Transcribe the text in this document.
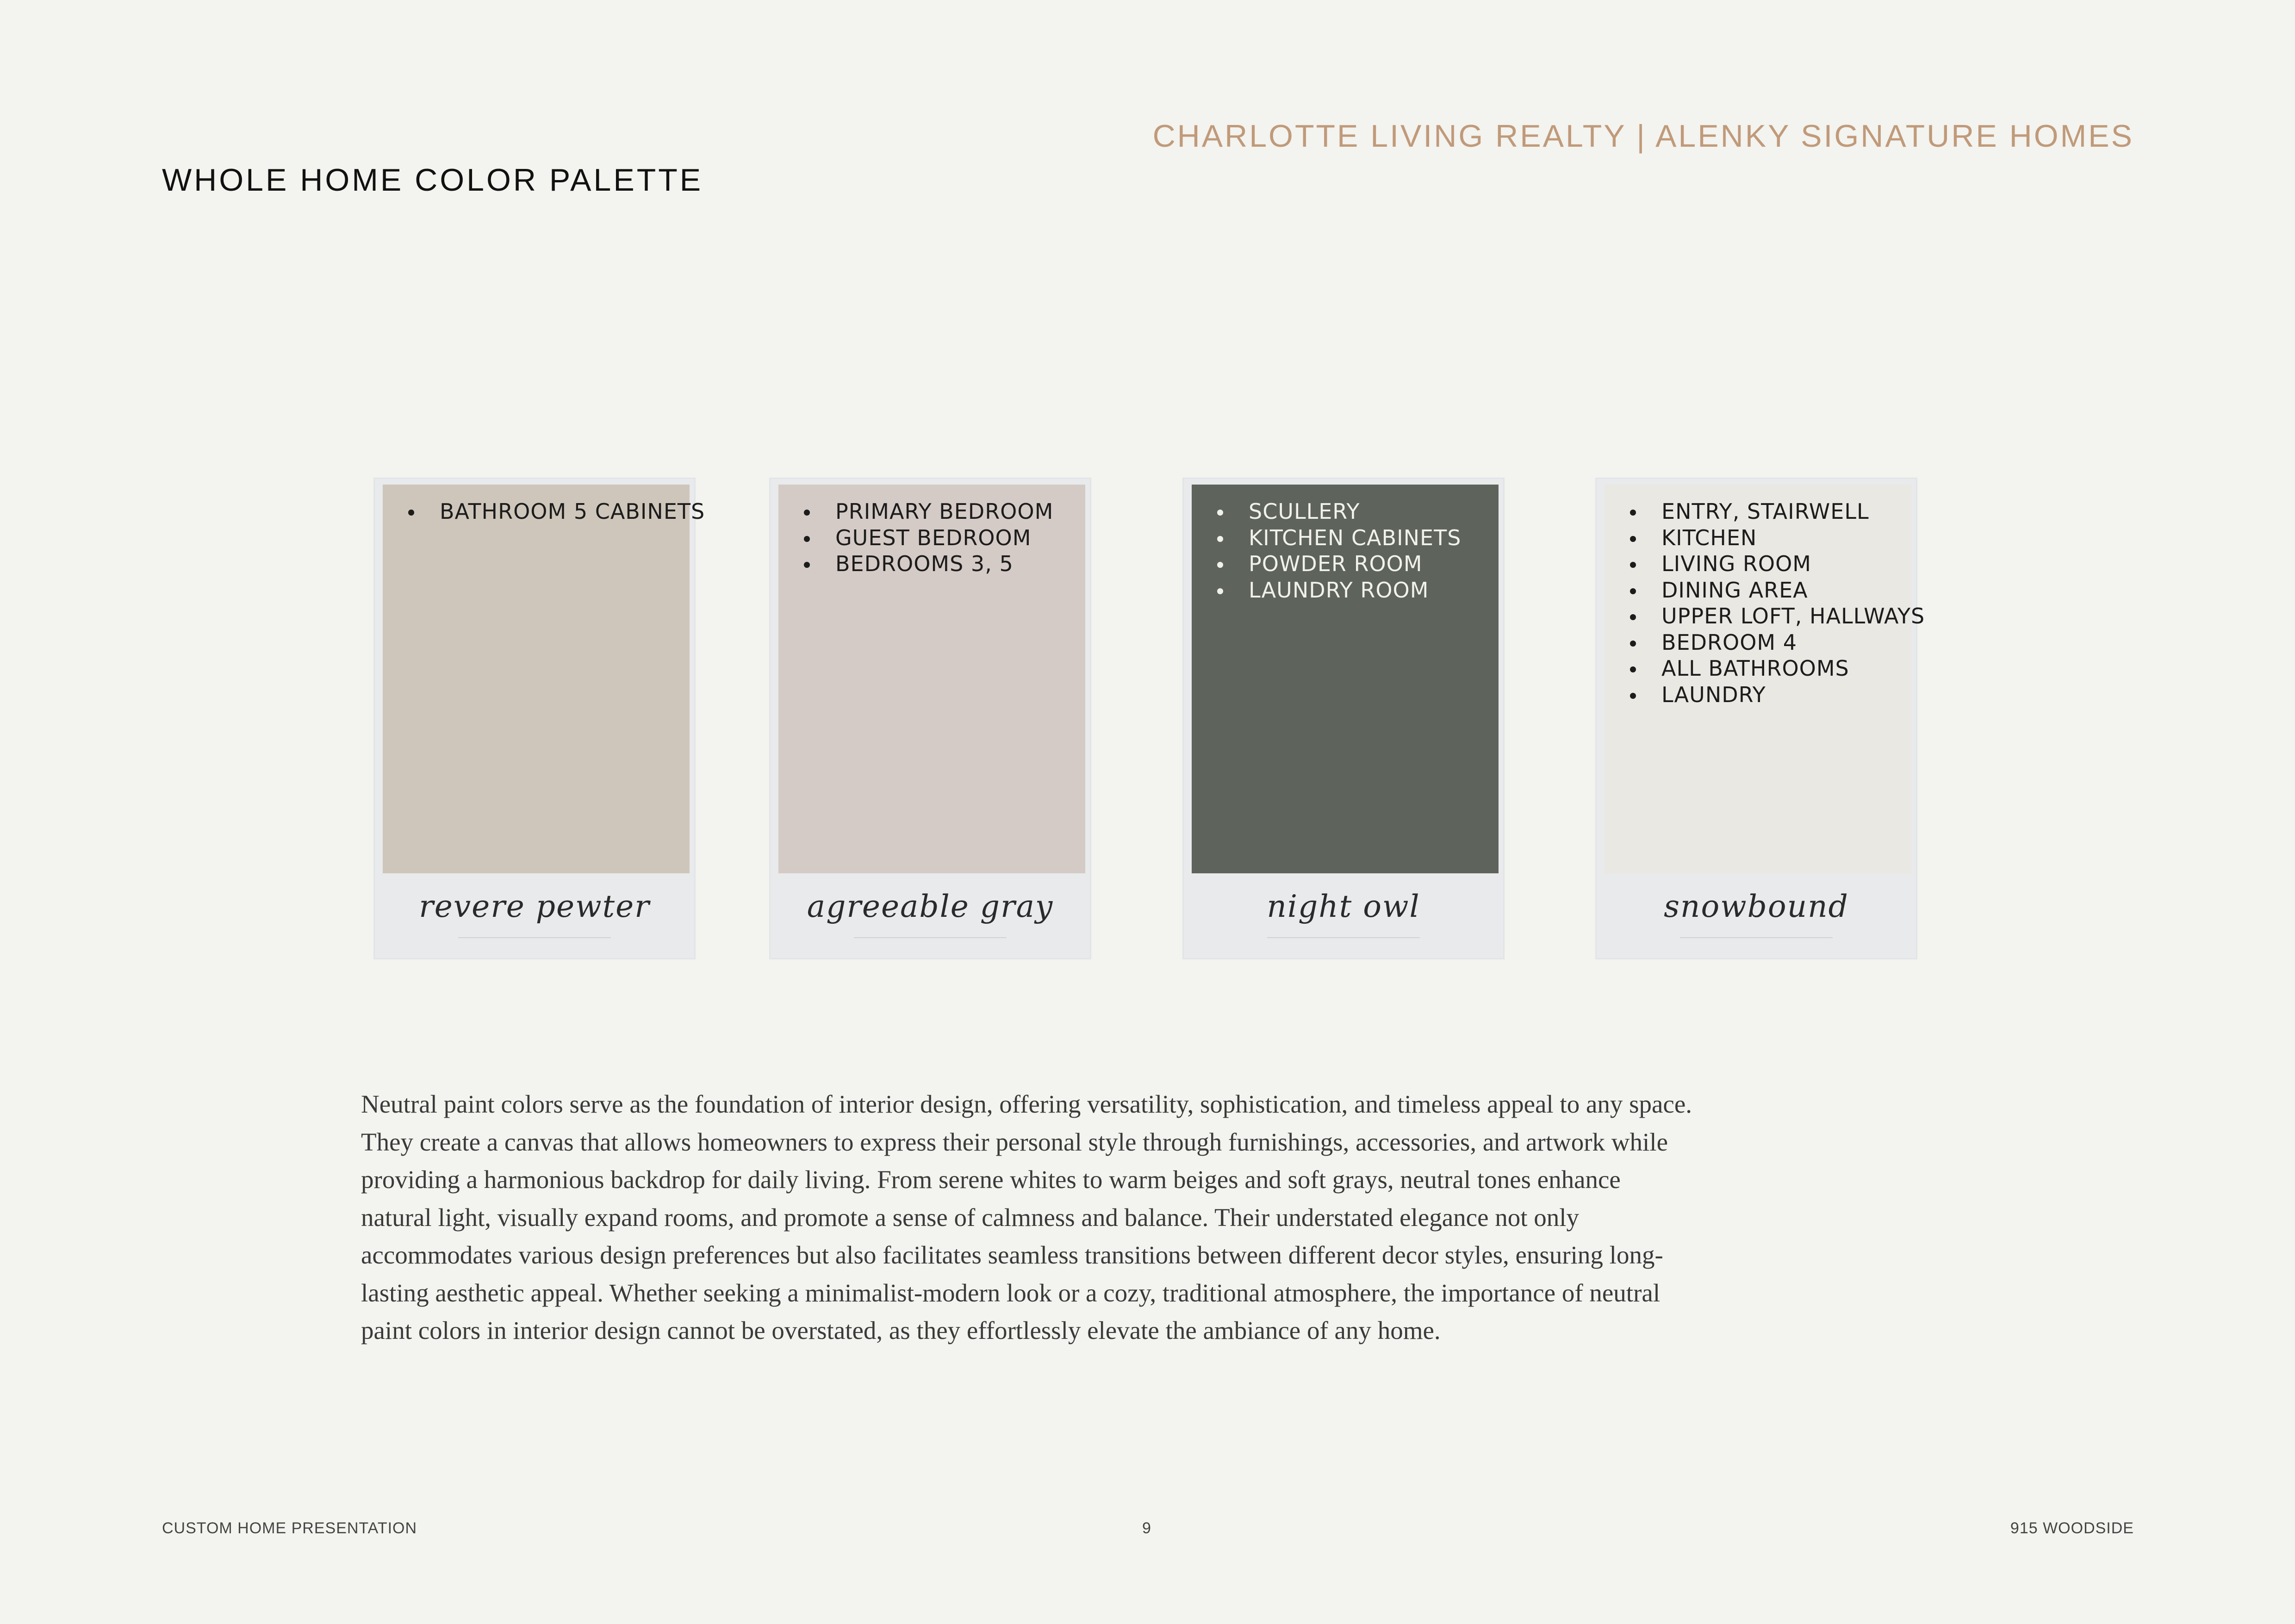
CHARLOTTE LIVING REALTY | ALENKY SIGNATURE HOMES
WHOLE HOME COLOR PALETTE
BATHROOM 5 CABINETS
revere pewter
PRIMARY BEDROOM
GUEST BEDROOM
BEDROOMS 3, 5
agreeable gray
SCULLERY
KITCHEN CABINETS
POWDER ROOM
LAUNDRY ROOM
night owl
ENTRY, STAIRWELL
KITCHEN
LIVING ROOM
DINING AREA
UPPER LOFT, HALLWAYS
BEDROOM 4
ALL BATHROOMS
LAUNDRY
snowbound

Neutral paint colors serve as the foundation of interior design, offering versatility, sophistication, and timeless appeal to any space. They create a canvas that allows homeowners to express their personal style through furnishings, accessories, and artwork while providing a harmonious backdrop for daily living. From serene whites to warm beiges and soft grays, neutral tones enhance natural light, visually expand rooms, and promote a sense of calmness and balance. Their understated elegance not only accommodates various design preferences but also facilitates seamless transitions between different decor styles, ensuring long-lasting aesthetic appeal. Whether seeking a minimalist-modern look or a cozy, traditional atmosphere, the importance of neutral paint colors in interior design cannot be overstated, as they effortlessly elevate the ambiance of any home.

CUSTOM HOME PRESENTATION	9	915 WOODSIDE
